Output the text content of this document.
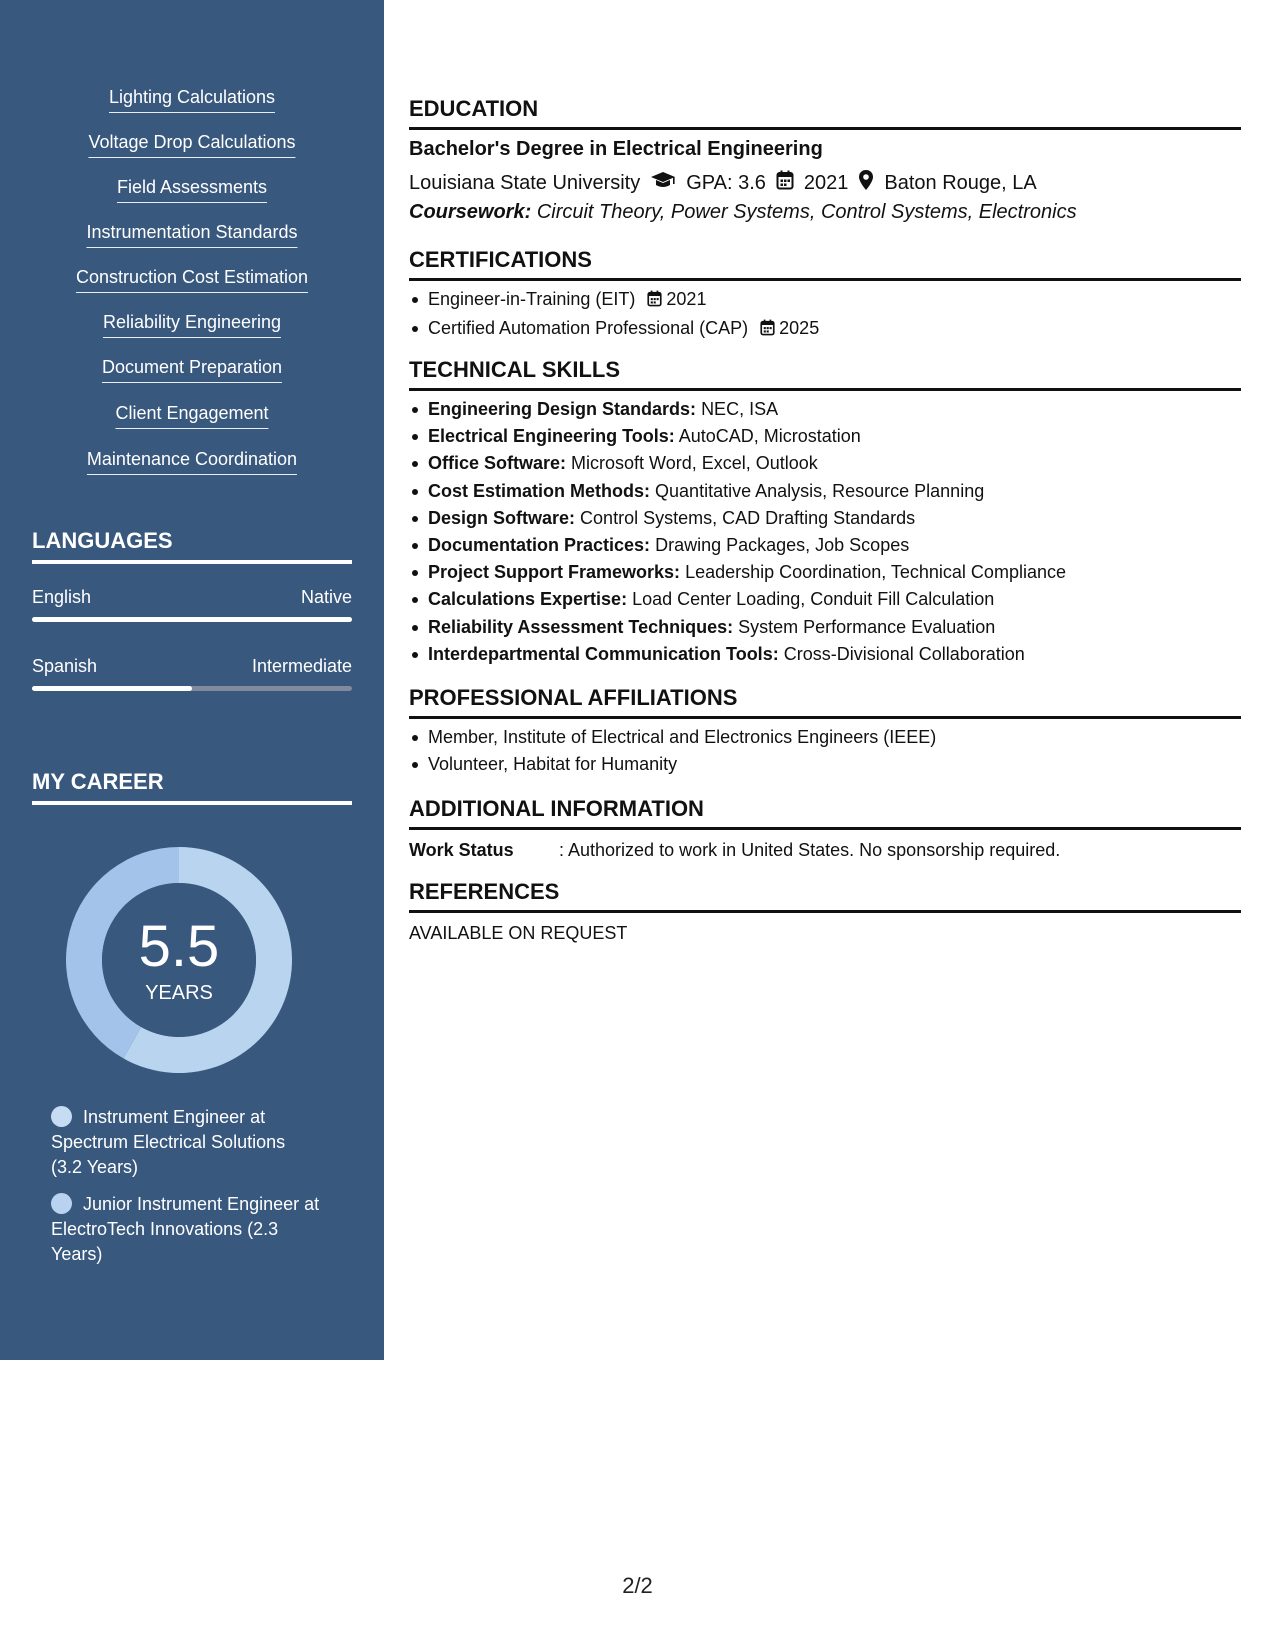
Lighting Calculations
Voltage Drop Calculations
Field Assessments
Instrumentation Standards
Construction Cost Estimation
Reliability Engineering
Document Preparation
Client Engagement
Maintenance Coordination
LANGUAGES
English	Native
Spanish	Intermediate
MY CAREER
5.5
YEARS
Instrument Engineer at Spectrum Electrical Solutions (3.2 Years)
Junior Instrument Engineer at ElectroTech Innovations (2.3 Years)
EDUCATION
Bachelor's Degree in Electrical Engineering
Louisiana State University GPA: 3.6 2021 Baton Rouge, LA
Coursework: Circuit Theory, Power Systems, Control Systems, Electronics
CERTIFICATIONS
Engineer-in-Training (EIT) 2021
Certified Automation Professional (CAP) 2025
TECHNICAL SKILLS
Engineering Design Standards: NEC, ISA
Electrical Engineering Tools: AutoCAD, Microstation
Office Software: Microsoft Word, Excel, Outlook
Cost Estimation Methods: Quantitative Analysis, Resource Planning
Design Software: Control Systems, CAD Drafting Standards
Documentation Practices: Drawing Packages, Job Scopes
Project Support Frameworks: Leadership Coordination, Technical Compliance
Calculations Expertise: Load Center Loading, Conduit Fill Calculation
Reliability Assessment Techniques: System Performance Evaluation
Interdepartmental Communication Tools: Cross-Divisional Collaboration
PROFESSIONAL AFFILIATIONS
Member, Institute of Electrical and Electronics Engineers (IEEE)
Volunteer, Habitat for Humanity
ADDITIONAL INFORMATION
Work Status	: Authorized to work in United States. No sponsorship required.
REFERENCES
AVAILABLE ON REQUEST
2/2
